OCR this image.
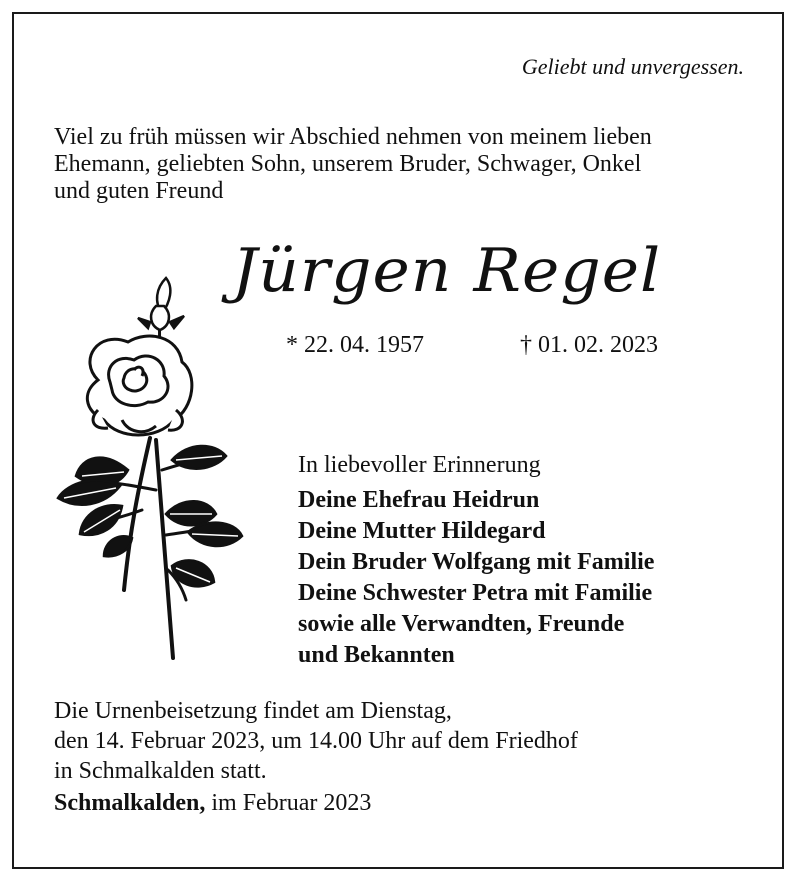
Geliebt und unvergessen.

Viel zu früh müssen wir Abschied nehmen von meinem lieben
Ehemann, geliebten Sohn, unserem Bruder, Schwager, Onkel
und guten Freund

Jürgen Regel
* 22. 04. 1957	† 01. 02. 2023
In liebevoller Erinnerung
Deine Ehefrau Heidrun
Deine Mutter Hildegard
Dein Bruder Wolfgang mit Familie
Deine Schwester Petra mit Familie
sowie alle Verwandten, Freunde
und Bekannten
Die Urnenbeisetzung findet am Dienstag,
den 14. Februar 2023, um 14.00 Uhr auf dem Friedhof
in Schmalkalden statt.
Schmalkalden, im Februar 2023
